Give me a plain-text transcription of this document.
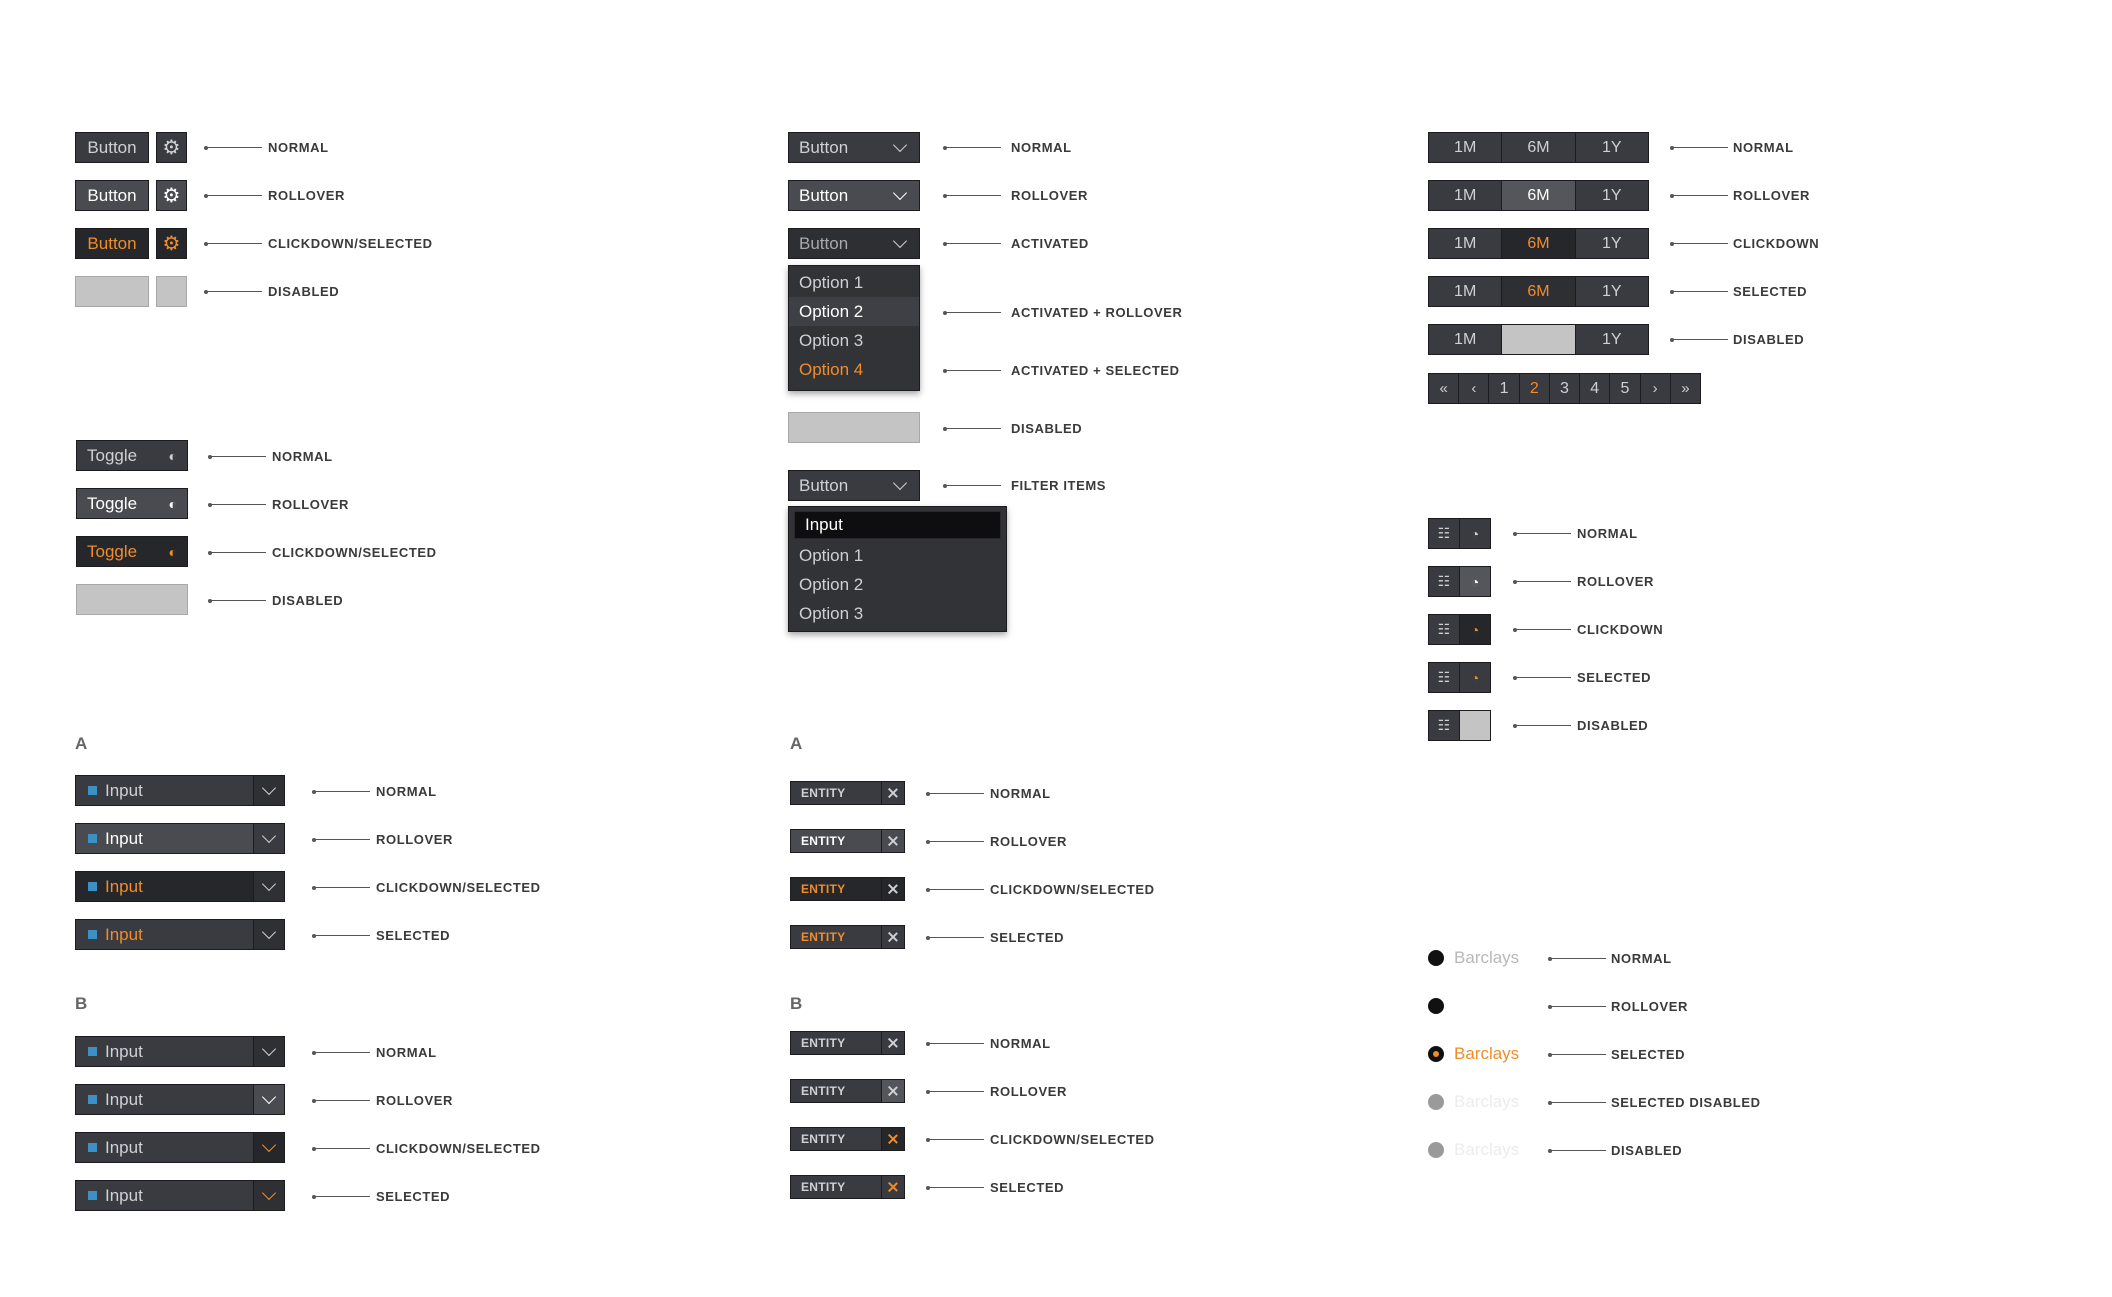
Button	⚙	NORMAL
Button	⚙	ROLLOVER
Button	⚙	CLICKDOWN/SELECTED
DISABLED
Toggle ◐	NORMAL
Toggle ◐	ROLLOVER
Toggle ◐	CLICKDOWN/SELECTED
DISABLED
A
Input	NORMAL
Input	ROLLOVER
Input	CLICKDOWN/SELECTED
Input	SELECTED
B
Input	NORMAL
Input	ROLLOVER
Input	CLICKDOWN/SELECTED
Input	SELECTED
Button	NORMAL
Button	ROLLOVER
Button	ACTIVATED
Option 1
Option 2
Option 3
Option 4
ACTIVATED + ROLLOVER
ACTIVATED + SELECTED
DISABLED
Button	FILTER ITEMS
Input
Option 1
Option 2
Option 3
A
ENTITY	NORMAL
ENTITY	ROLLOVER
ENTITY	CLICKDOWN/SELECTED
ENTITY	SELECTED
B
ENTITY	NORMAL
ENTITY	ROLLOVER
ENTITY	CLICKDOWN/SELECTED
ENTITY	SELECTED
1M	6M	1Y	NORMAL
1M	6M	1Y	ROLLOVER
1M	6M	1Y	CLICKDOWN
1M	6M	1Y	SELECTED
1M	1Y	DISABLED
«	‹	1	2	3	4	5	›	»
☷	◔	NORMAL
☷	◔	ROLLOVER
☷	◔	CLICKDOWN
☷	◔	SELECTED
☷	DISABLED
Barclays	NORMAL
ROLLOVER
Barclays	SELECTED
Barclays	SELECTED DISABLED
Barclays	DISABLED
